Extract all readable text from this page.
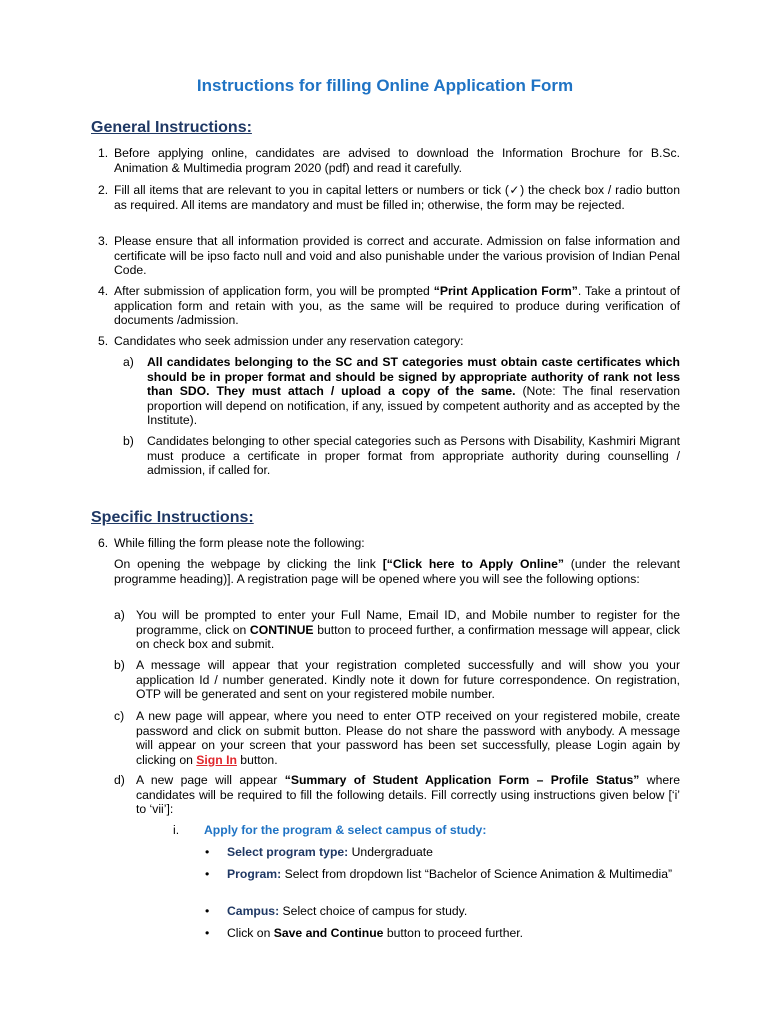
Instructions for filling Online Application Form
General Instructions:
1. Before applying online, candidates are advised to download the Information Brochure for B.Sc. Animation & Multimedia program 2020 (pdf) and read it carefully.
2. Fill all items that are relevant to you in capital letters or numbers or tick (✓) the check box / radio button as required. All items are mandatory and must be filled in; otherwise, the form may be rejected.
3. Please ensure that all information provided is correct and accurate. Admission on false information and certificate will be ipso facto null and void and also punishable under the various provision of Indian Penal Code.
4. After submission of application form, you will be prompted “Print Application Form”. Take a printout of application form and retain with you, as the same will be required to produce during verification of documents /admission.
5. Candidates who seek admission under any reservation category:
a) All candidates belonging to the SC and ST categories must obtain caste certificates which should be in proper format and should be signed by appropriate authority of rank not less than SDO. They must attach / upload a copy of the same. (Note: The final reservation proportion will depend on notification, if any, issued by competent authority and as accepted by the Institute).
b) Candidates belonging to other special categories such as Persons with Disability, Kashmiri Migrant must produce a certificate in proper format from appropriate authority during counselling / admission, if called for.
Specific Instructions:
6. While filling the form please note the following:
On opening the webpage by clicking the link [“Click here to Apply Online” (under the relevant programme heading)]. A registration page will be opened where you will see the following options:
a) You will be prompted to enter your Full Name, Email ID, and Mobile number to register for the programme, click on CONTINUE button to proceed further, a confirmation message will appear, click on check box and submit.
b) A message will appear that your registration completed successfully and will show you your application Id / number generated. Kindly note it down for future correspondence. On registration, OTP will be generated and sent on your registered mobile number.
c) A new page will appear, where you need to enter OTP received on your registered mobile, create password and click on submit button. Please do not share the password with anybody. A message will appear on your screen that your password has been set successfully, please Login again by clicking on Sign In button.
d) A new page will appear “Summary of Student Application Form – Profile Status” where candidates will be required to fill the following details. Fill correctly using instructions given below [‘i’ to ‘vii’]:
i. Apply for the program & select campus of study:
• Select program type: Undergraduate
• Program: Select from dropdown list “Bachelor of Science Animation & Multimedia”
• Campus: Select choice of campus for study.
• Click on Save and Continue button to proceed further.
